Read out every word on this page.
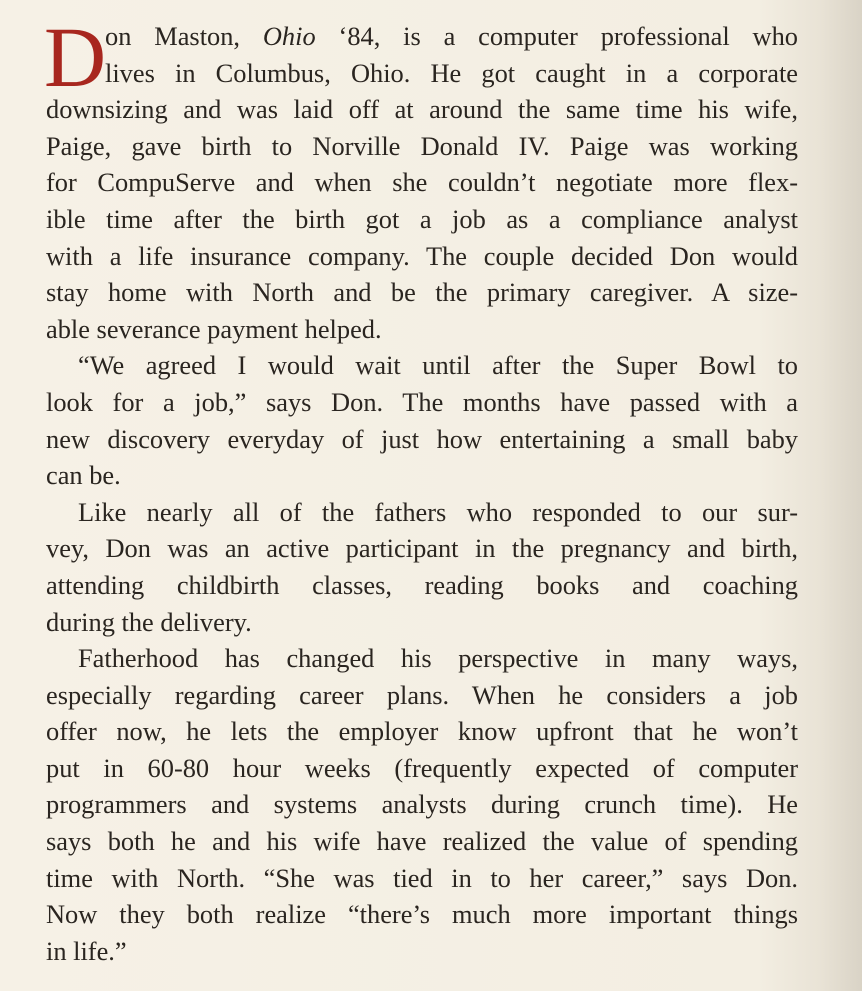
D
on Maston, Ohio ‘84, is a computer professional who
lives in Columbus, Ohio. He got caught in a corporate
downsizing and was laid off at around the same time his wife,
Paige, gave birth to Norville Donald IV. Paige was working
for CompuServe and when she couldn’t negotiate more flex-
ible time after the birth got a job as a compliance analyst
with a life insurance company. The couple decided Don would
stay home with North and be the primary caregiver. A size-
able severance payment helped.
“We agreed I would wait until after the Super Bowl to
look for a job,” says Don. The months have passed with a
new discovery everyday of just how entertaining a small baby
can be.
Like nearly all of the fathers who responded to our sur-
vey, Don was an active participant in the pregnancy and birth,
attending childbirth classes, reading books and coaching
during the delivery.
Fatherhood has changed his perspective in many ways,
especially regarding career plans. When he considers a job
offer now, he lets the employer know upfront that he won’t
put in 60-80 hour weeks (frequently expected of computer
programmers and systems analysts during crunch time). He
says both he and his wife have realized the value of spending
time with North. “She was tied in to her career,” says Don.
Now they both realize “there’s much more important things
in life.”
